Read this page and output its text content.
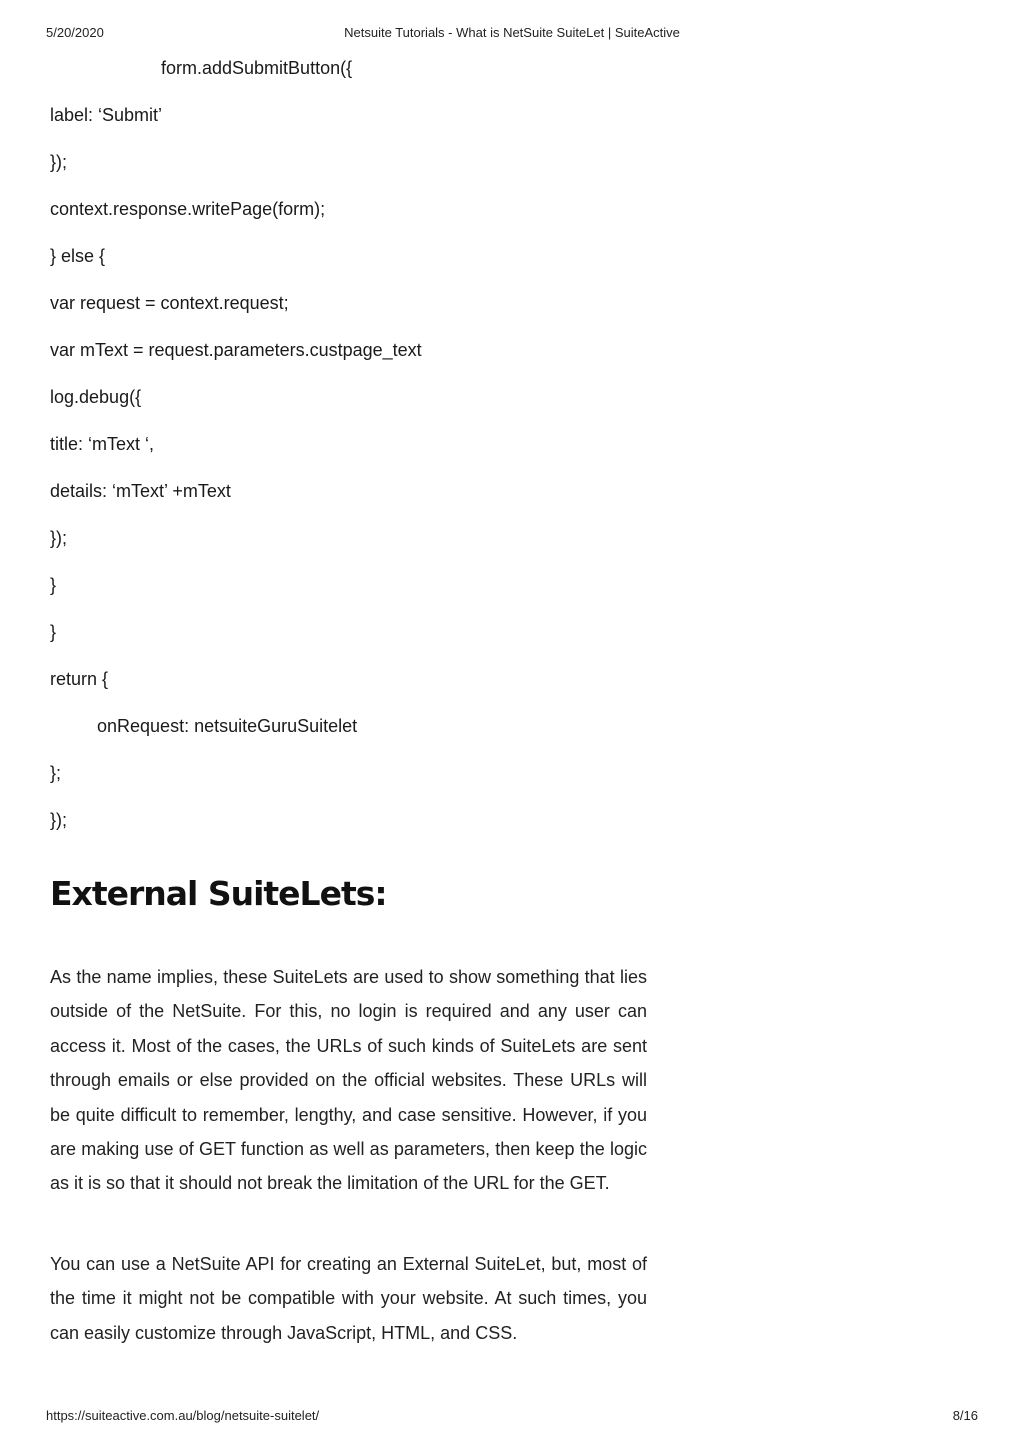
5/20/2020	Netsuite Tutorials - What is NetSuite SuiteLet | SuiteActive
form.addSubmitButton({
label: ‘Submit’
});
context.response.writePage(form);
} else {
var request = context.request;
var mText = request.parameters.custpage_text
log.debug({
title: ‘mText ‘,
details: ‘mText’ +mText
});
}
}
return {
onRequest: netsuiteGuruSuitelet
};
});
External SuiteLets:

As the name implies, these SuiteLets are used to show something that lies outside of the NetSuite. For this, no login is required and any user can access it. Most of the cases, the URLs of such kinds of SuiteLets are sent through emails or else provided on the official websites. These URLs will be quite difficult to remember, lengthy, and case sensitive. However, if you are making use of GET function as well as parameters, then keep the logic as it is so that it should not break the limitation of the URL for the GET.

You can use a NetSuite API for creating an External SuiteLet, but, most of the time it might not be compatible with your website. At such times, you can easily customize through JavaScript, HTML, and CSS.

https://suiteactive.com.au/blog/netsuite-suitelet/	8/16
